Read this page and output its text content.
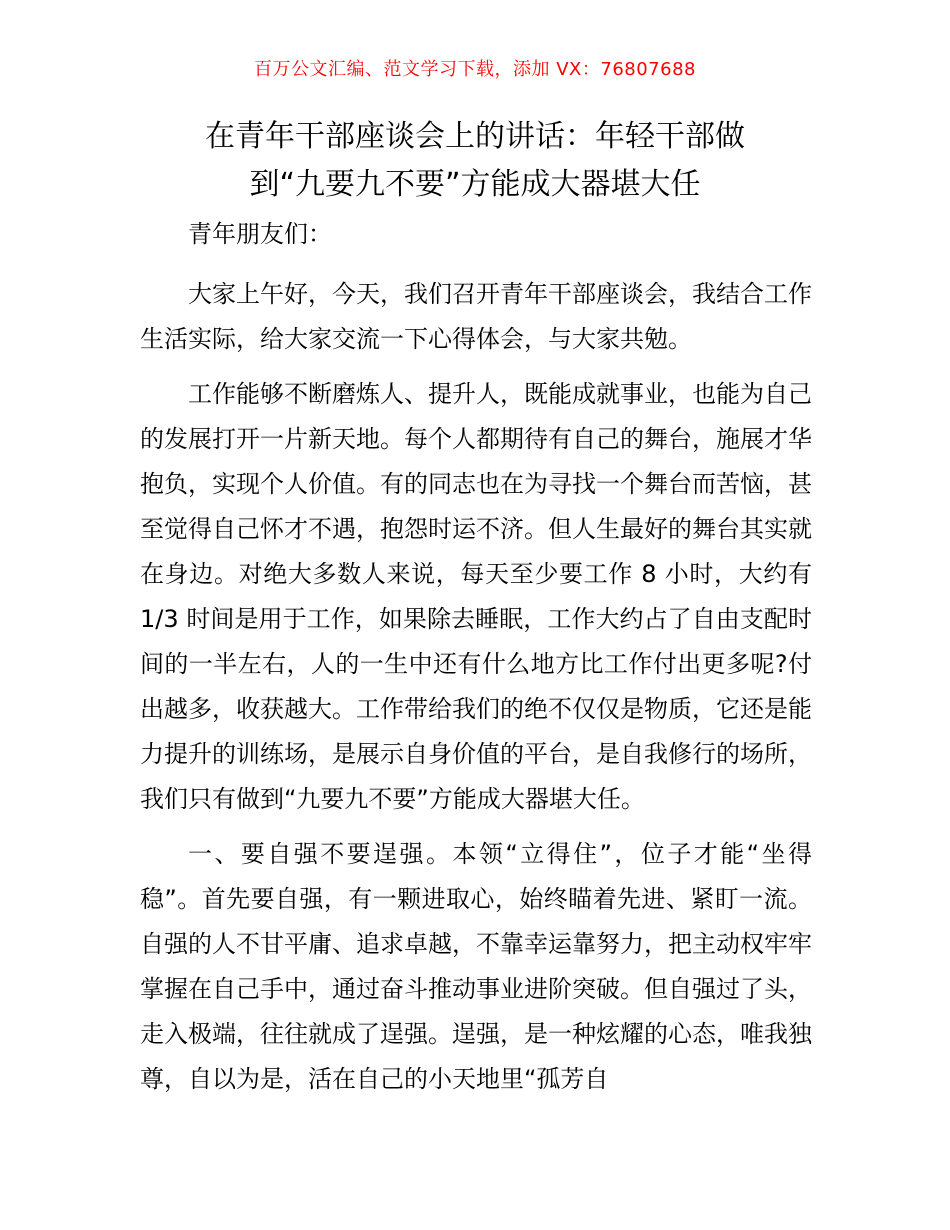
百万公文汇编、范文学习下载，添加 VX：76807688
在青年干部座谈会上的讲话：年轻干部做
到“九要九不要”方能成大器堪大任

青年朋友们：

大家上午好，今天，我们召开青年干部座谈会，我结合工作生活实际，给大家交流一下心得体会，与大家共勉。

工作能够不断磨炼人、提升人，既能成就事业，也能为自己的发展打开一片新天地。每个人都期待有自己的舞台，施展才华抱负，实现个人价值。有的同志也在为寻找一个舞台而苦恼，甚至觉得自己怀才不遇，抱怨时运不济。但人生最好的舞台其实就在身边。对绝大多数人来说，每天至少要工作 8 小时，大约有 1/3 时间是用于工作，如果除去睡眠，工作大约占了自由支配时间的一半左右，人的一生中还有什么地方比工作付出更多呢?付出越多，收获越大。工作带给我们的绝不仅仅是物质，它还是能力提升的训练场，是展示自身价值的平台，是自我修行的场所，我们只有做到“九要九不要”方能成大器堪大任。

一、要自强不要逞强。本领“立得住”，位子才能“坐得稳”。首先要自强，有一颗进取心，始终瞄着先进、紧盯一流。自强的人不甘平庸、追求卓越，不靠幸运靠努力，把主动权牢牢掌握在自己手中，通过奋斗推动事业进阶突破。但自强过了头，走入极端，往往就成了逞强。逞强，是一种炫耀的心态，唯我独尊，自以为是，活在自己的小天地里“孤芳自
